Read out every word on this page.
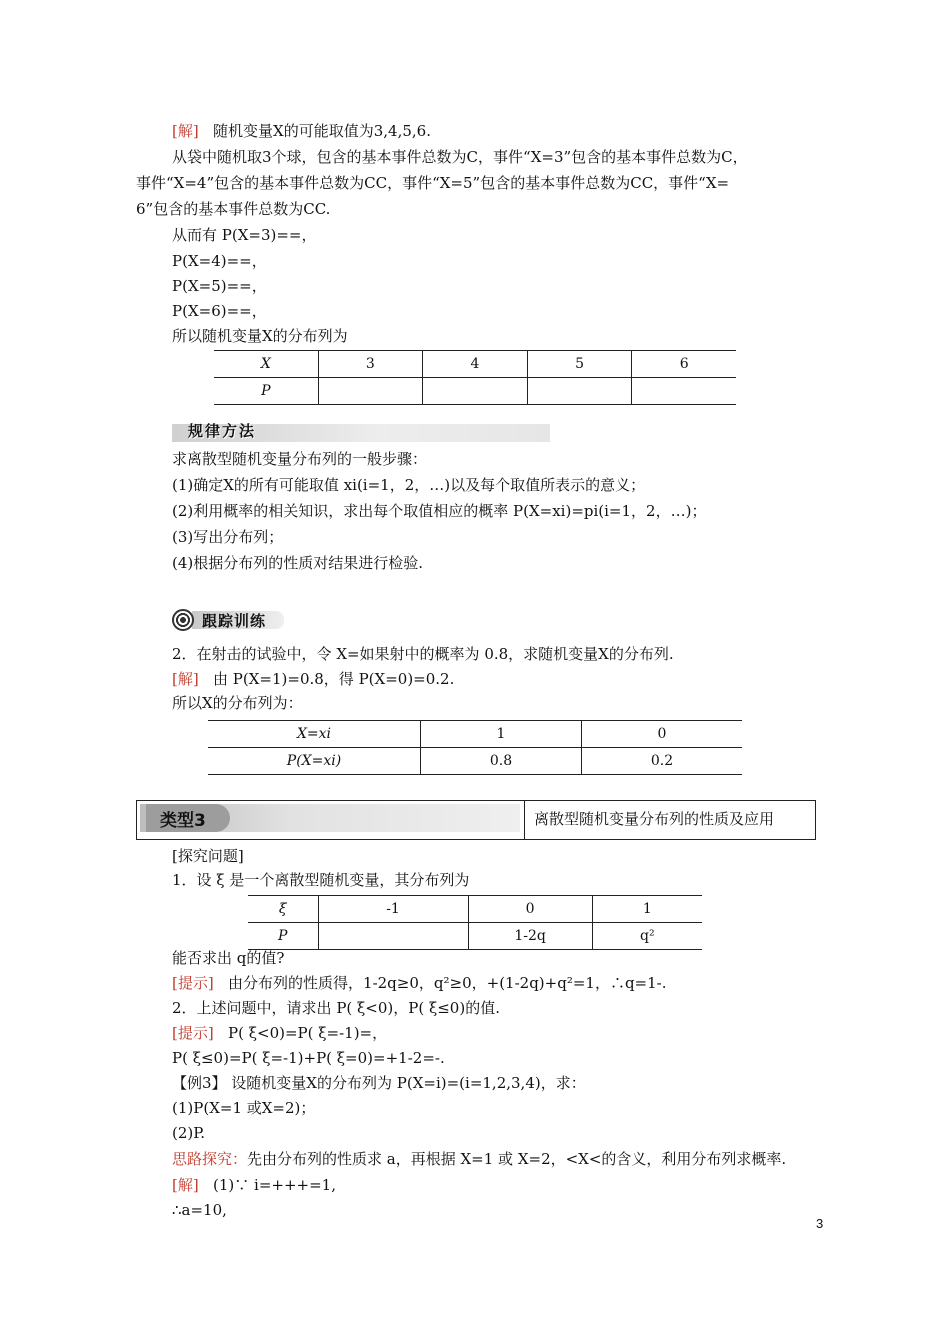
[解] 随机变量X的可能取值为3,4,5,6.
从袋中随机取3个球，包含的基本事件总数为C，事件“X=3”包含的基本事件总数为C，
事件“X=4”包含的基本事件总数为CC，事件“X=5”包含的基本事件总数为CC，事件“X=
6”包含的基本事件总数为CC.
从而有 P(X=3)==，
P(X=4)==，
P(X=5)==，
P(X=6)==，
所以随机变量X的分布列为
X	3	4	5	6
P				
规律方法
求离散型随机变量分布列的一般步骤：
(1)确定X的所有可能取值 xi(i=1，2，…)以及每个取值所表示的意义；
(2)利用概率的相关知识，求出每个取值相应的概率 P(X=xi)=pi(i=1，2，…)；
(3)写出分布列；
(4)根据分布列的性质对结果进行检验.
跟踪训练
2．在射击的试验中，令 X=如果射中的概率为 0.8，求随机变量X的分布列.
[解] 由 P(X=1)=0.8，得 P(X=0)=0.2.
所以X的分布列为：
X=xi	1	0
P(X=xi)	0.8	0.2
类型3	离散型随机变量分布列的性质及应用
[探究问题]
1．设 ξ 是一个离散型随机变量，其分布列为
ξ	-1	0	1
P		1-2q	q²
能否求出 q的值?
[提示] 由分布列的性质得，1-2q≥0，q²≥0，+(1-2q)+q²=1，∴q=1-.
2．上述问题中，请求出 P( ξ<0)，P( ξ≤0)的值.
[提示] P( ξ<0)=P( ξ=-1)=，
P( ξ≤0)=P( ξ=-1)+P( ξ=0)=+1-2=-.
【例3】 设随机变量X的分布列为 P(X=i)=(i=1,2,3,4)，求：
(1)P(X=1 或X=2)；
(2)P.
思路探究：先由分布列的性质求 a，再根据 X=1 或 X=2，<X<的含义，利用分布列求概率.
[解] (1)∵ i=+++=1,
∴a=10,
3
